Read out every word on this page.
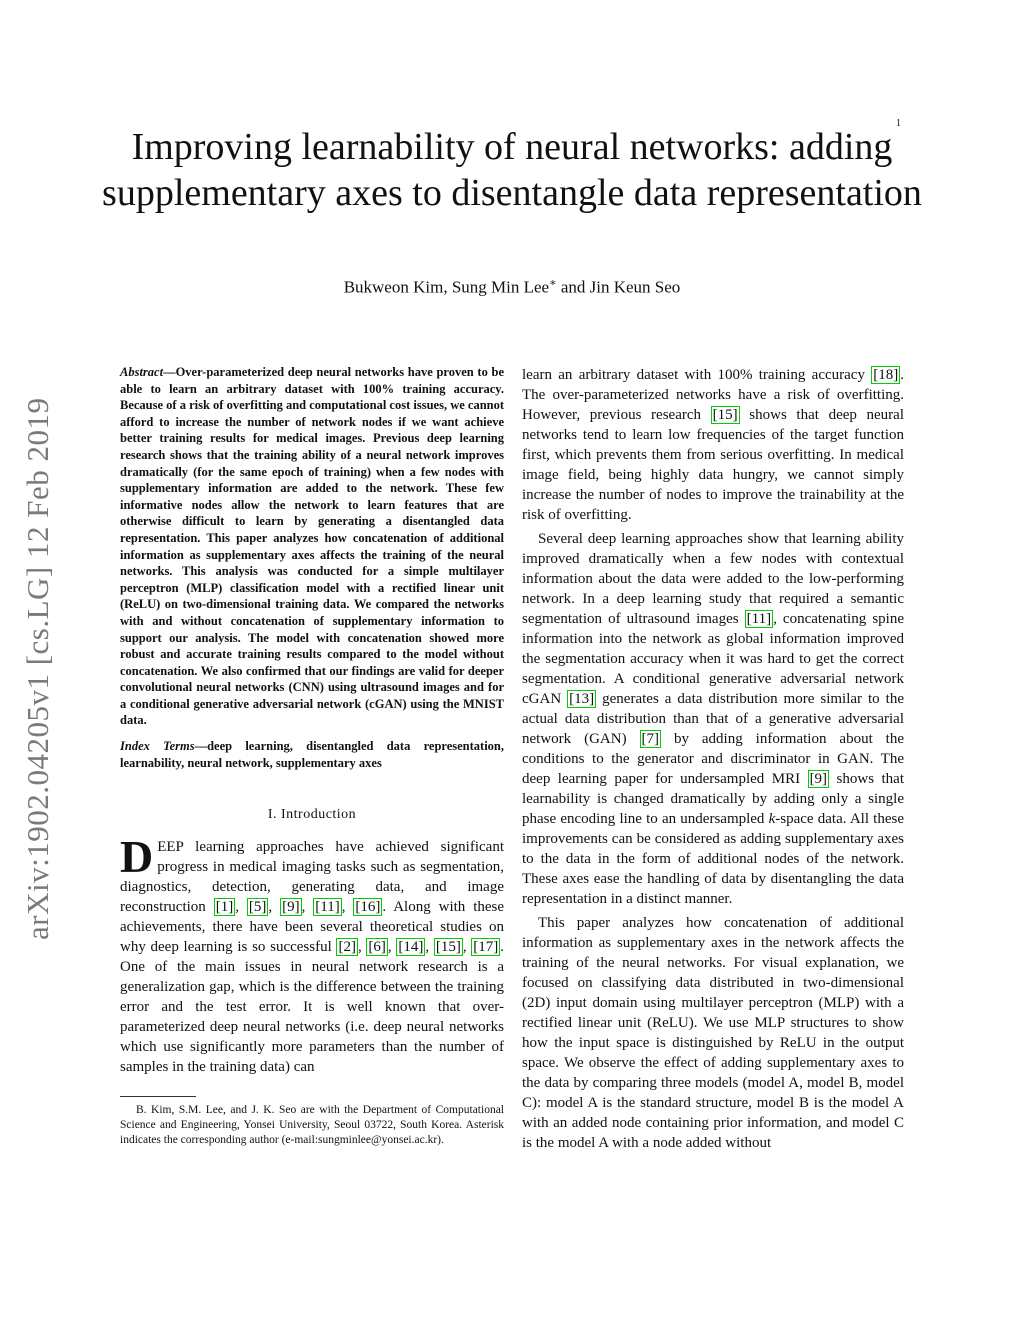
1
arXiv:1902.04205v1 [cs.LG] 12 Feb 2019
Improving learnability of neural networks: adding supplementary axes to disentangle data representation
Bukweon Kim, Sung Min Lee∗ and Jin Keun Seo

Abstract—Over-parameterized deep neural networks have proven to be able to learn an arbitrary dataset with 100% training accuracy. Because of a risk of overfitting and computational cost issues, we cannot afford to increase the number of network nodes if we want achieve better training results for medical images. Previous deep learning research shows that the training ability of a neural network improves dramatically (for the same epoch of training) when a few nodes with supplementary information are added to the network. These few informative nodes allow the network to learn features that are otherwise difficult to learn by generating a disentangled data representation. This paper analyzes how concatenation of additional information as supplementary axes affects the training of the neural networks. This analysis was conducted for a simple multilayer perceptron (MLP) classification model with a rectified linear unit (ReLU) on two-dimensional training data. We compared the networks with and without concatenation of supplementary information to support our analysis. The model with concatenation showed more robust and accurate training results compared to the model without concatenation. We also confirmed that our findings are valid for deeper convolutional neural networks (CNN) using ultrasound images and for a conditional generative adversarial network (cGAN) using the MNIST data.

Index Terms—deep learning, disentangled data representation, learnability, neural network, supplementary axes

I. Introduction

DEEP learning approaches have achieved significant progress in medical imaging tasks such as segmentation, diagnostics, detection, generating data, and image reconstruction [1] , [5] , [9] , [11] , [16] . Along with these achievements, there have been several theoretical studies on why deep learning is so successful [2] , [6] , [14] , [15] , [17] . One of the main issues in neural network research is a generalization gap, which is the difference between the training error and the test error. It is well known that over-parameterized deep neural networks (i.e. deep neural networks which use significantly more parameters than the number of samples in the training data) can

B. Kim, S.M. Lee, and J. K. Seo are with the Department of Computational Science and Engineering, Yonsei University, Seoul 03722, South Korea. Asterisk indicates the corresponding author (e-mail:sungminlee@yonsei.ac.kr).

learn an arbitrary dataset with 100% training accuracy [18] . The over-parameterized networks have a risk of overfitting. However, previous research [15] shows that deep neural networks tend to learn low frequencies of the target function first, which prevents them from serious overfitting. In medical image field, being highly data hungry, we cannot simply increase the number of nodes to improve the trainability at the risk of overfitting.

Several deep learning approaches show that learning ability improved dramatically when a few nodes with contextual information about the data were added to the low-performing network. In a deep learning study that required a semantic segmentation of ultrasound images [11] , concatenating spine information into the network as global information improved the segmentation accuracy when it was hard to get the correct segmentation. A conditional generative adversarial network cGAN [13] generates a data distribution more similar to the actual data distribution than that of a generative adversarial network (GAN) [7] by adding information about the conditions to the generator and discriminator in GAN. The deep learning paper for undersampled MRI [9] shows that learnability is changed dramatically by adding only a single phase encoding line to an undersampled k-space data. All these improvements can be considered as adding supplementary axes to the data in the form of additional nodes of the network. These axes ease the handling of data by disentangling the data representation in a distinct manner.

This paper analyzes how concatenation of additional information as supplementary axes in the network affects the training of the neural networks. For visual explanation, we focused on classifying data distributed in two-dimensional (2D) input domain using multilayer perceptron (MLP) with a rectified linear unit (ReLU). We use MLP structures to show how the input space is distinguished by ReLU in the output space. We observe the effect of adding supplementary axes to the data by comparing three models (model A, model B, model C): model A is the standard structure, model B is the model A with an added node containing prior information, and model C is the model A with a node added without
